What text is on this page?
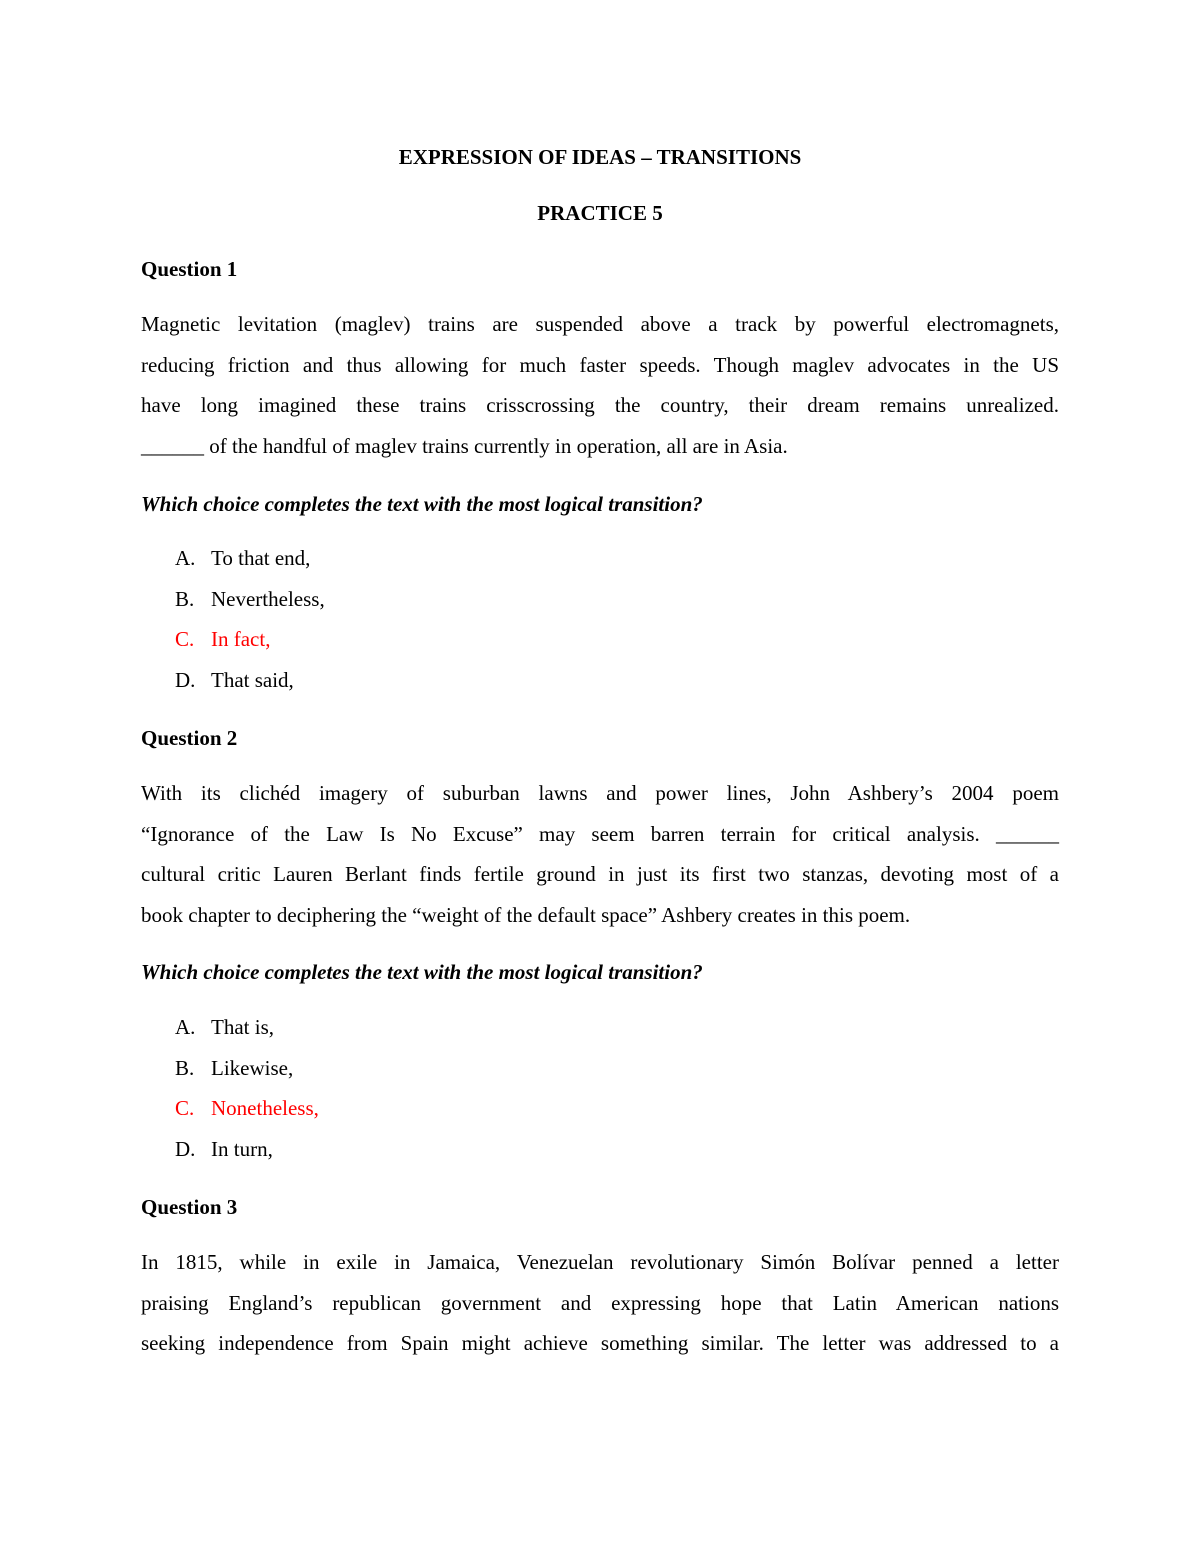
EXPRESSION OF IDEAS – TRANSITIONS
PRACTICE 5
Question 1
Magnetic levitation (maglev) trains are suspended above a track by powerful electromagnets,
reducing friction and thus allowing for much faster speeds. Though maglev advocates in the US
have long imagined these trains crisscrossing the country, their dream remains unrealized.
______ of the handful of maglev trains currently in operation, all are in Asia.
Which choice completes the text with the most logical transition?
A. To that end,
B. Nevertheless,
C. In fact,
D. That said,
Question 2
With its clichéd imagery of suburban lawns and power lines, John Ashbery’s 2004 poem
“Ignorance of the Law Is No Excuse” may seem barren terrain for critical analysis. ______
cultural critic Lauren Berlant finds fertile ground in just its first two stanzas, devoting most of a
book chapter to deciphering the “weight of the default space” Ashbery creates in this poem.
Which choice completes the text with the most logical transition?
A. That is,
B. Likewise,
C. Nonetheless,
D. In turn,
Question 3
In 1815, while in exile in Jamaica, Venezuelan revolutionary Simón Bolívar penned a letter
praising England’s republican government and expressing hope that Latin American nations
seeking independence from Spain might achieve something similar. The letter was addressed to a
